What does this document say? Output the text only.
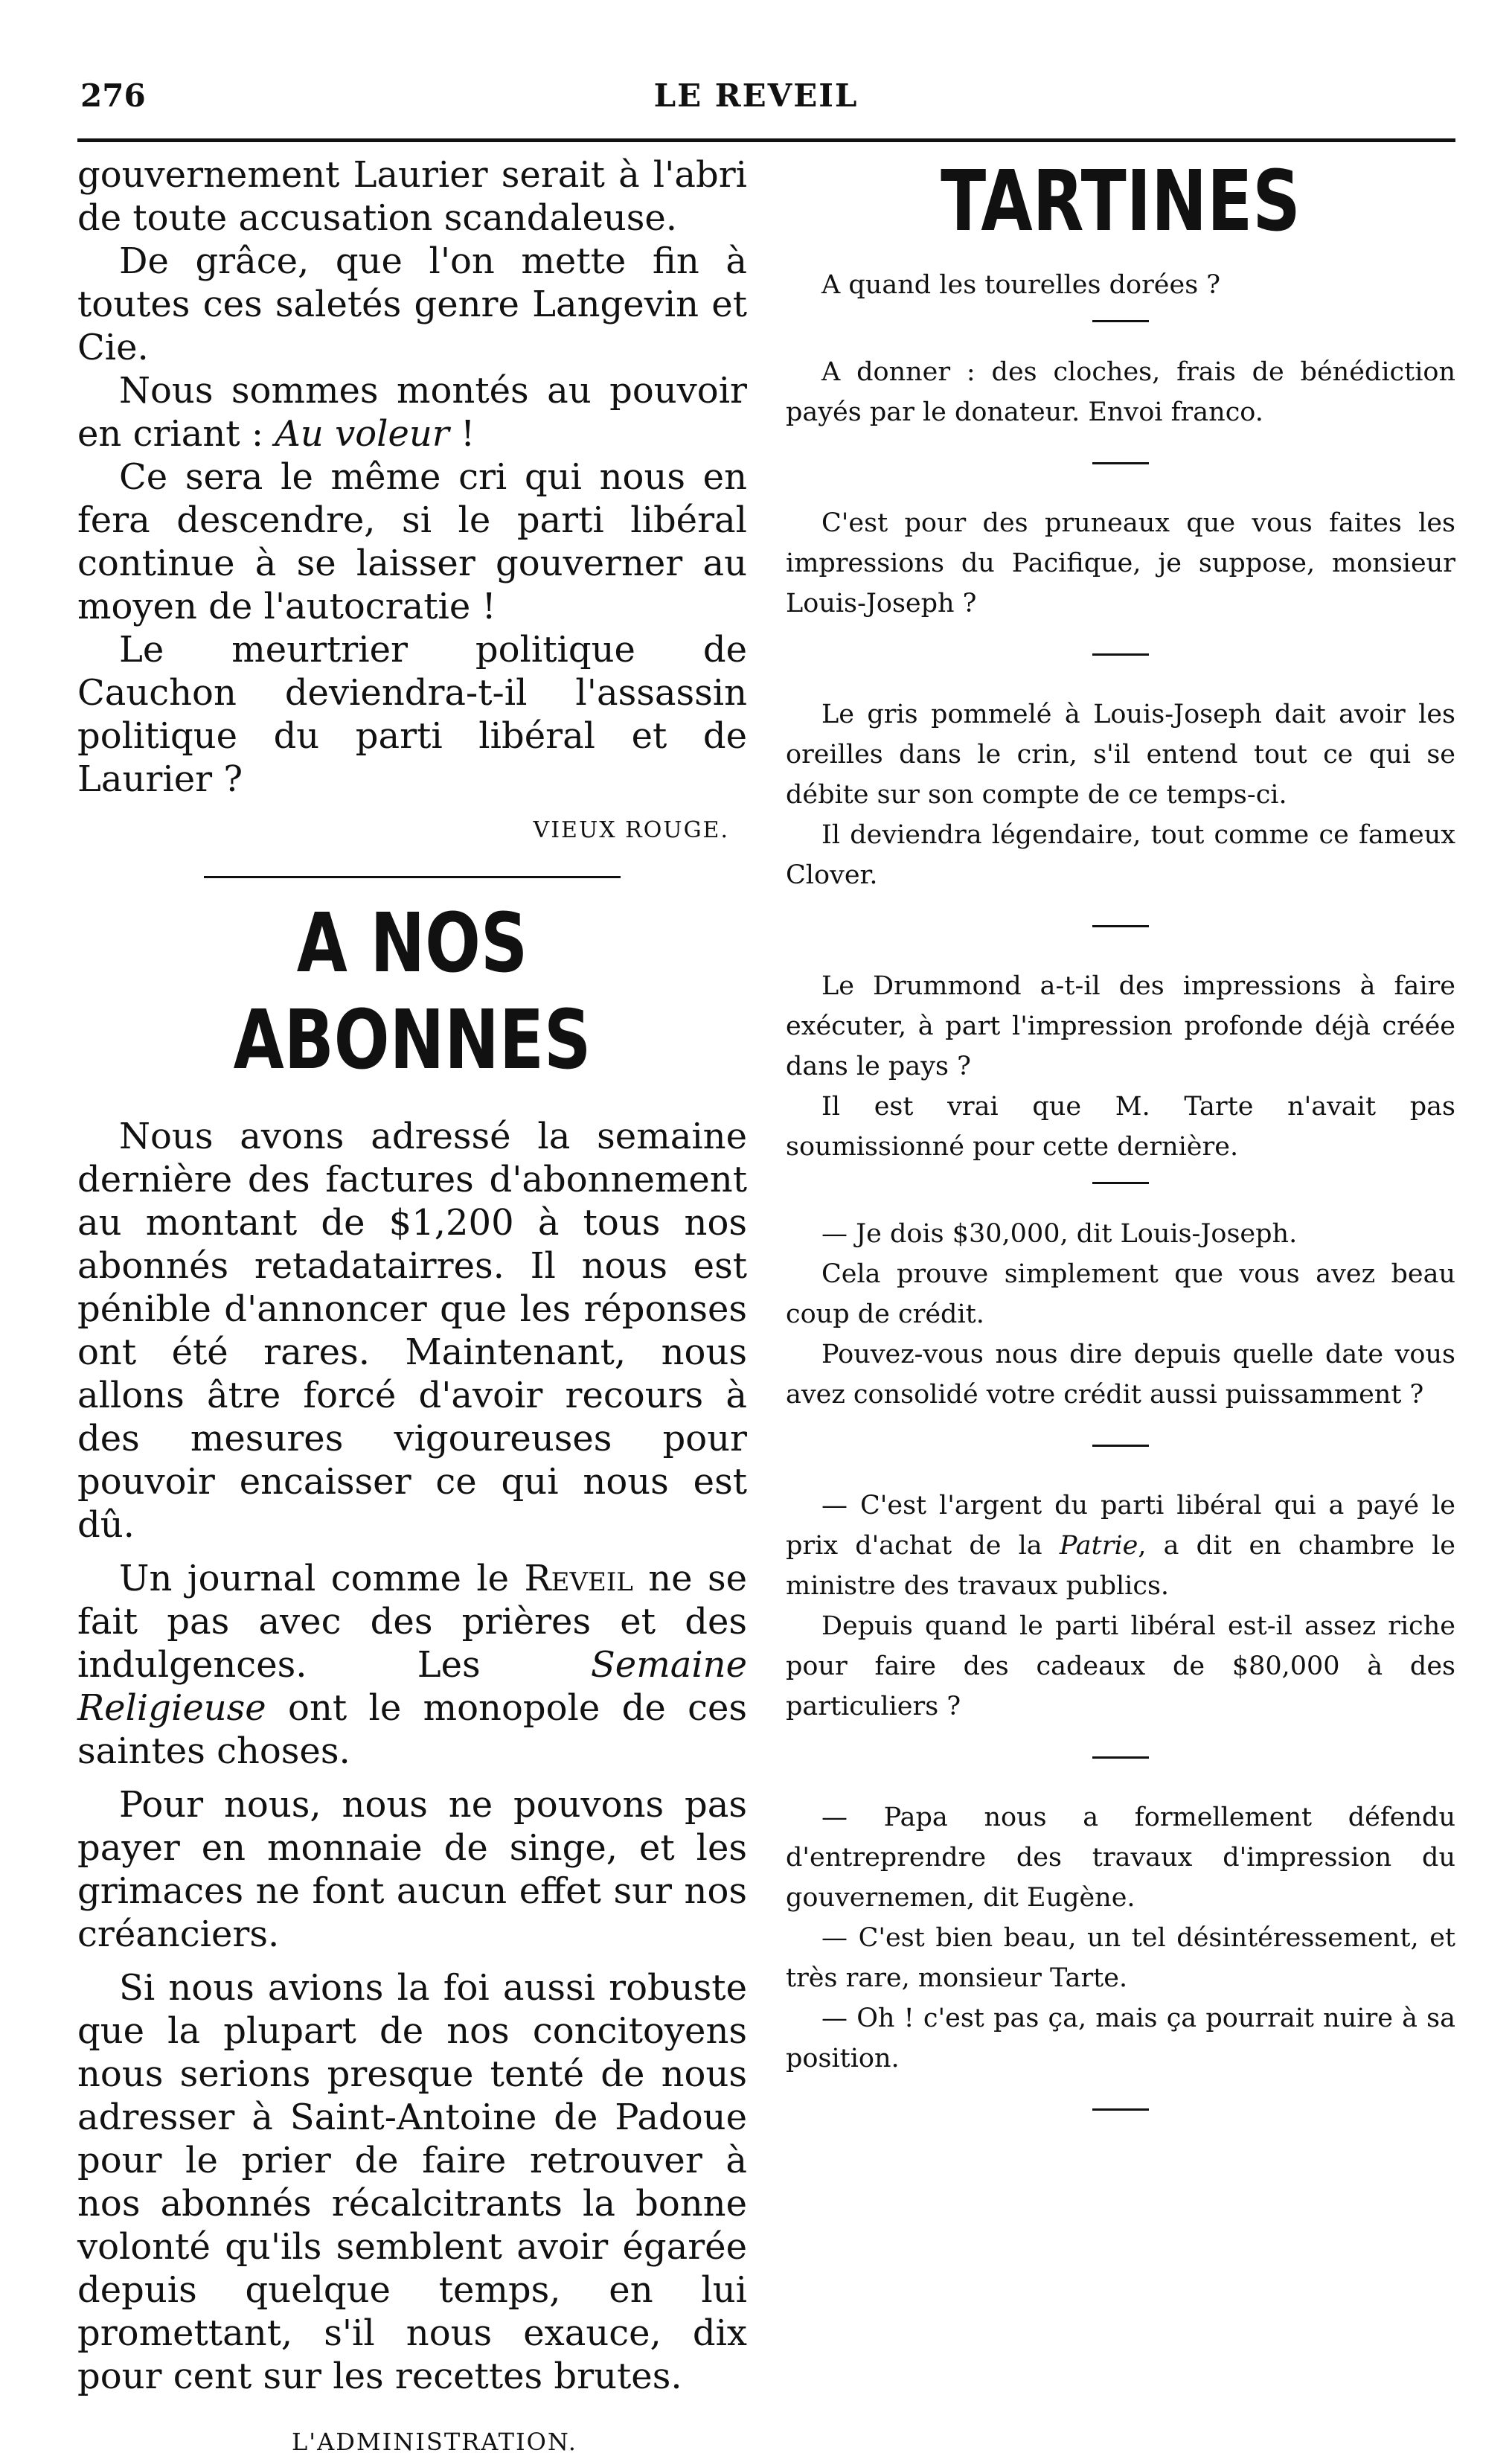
276	LE REVEIL

gouvernement Laurier serait à l'abri de toute accusation scandaleuse.

De grâce, que l'on mette fin à toutes ces saletés genre Langevin et Cie.

Nous sommes montés au pouvoir en criant : Au voleur !

Ce sera le même cri qui nous en fera descendre, si le parti libéral continue à se laisser gouverner au moyen de l'autocratie !

Le meurtrier politique de Cauchon deviendra-t-il l'assassin politique du parti libéral et de Laurier ?

VIEUX ROUGE.
A NOS ABONNES

Nous avons adressé la semaine dernière des factures d'abonnement au montant de $1,200 à tous nos abonnés retadatairres. Il nous est pénible d'annoncer que les réponses ont été rares. Maintenant, nous allons âtre forcé d'avoir recours à des mesures vigoureuses pour pouvoir encaisser ce qui nous est dû.

Un journal comme le Reveil ne se fait pas avec des prières et des indulgences. Les Semaine Religieuse ont le monopole de ces saintes choses.

Pour nous, nous ne pouvons pas payer en monnaie de singe, et les grimaces ne font aucun effet sur nos créanciers.

Si nous avions la foi aussi robuste que la plupart de nos concitoyens nous serions presque tenté de nous adresser à Saint-Antoine de Padoue pour le prier de faire retrouver à nos abonnés récalcitrants la bonne volonté qu'ils semblent avoir égarée depuis quelque temps, en lui promettant, s'il nous exauce, dix pour cent sur les recettes brutes.

L'ADMINISTRATION.
TARTINES

A quand les tourelles dorées ?

A donner : des cloches, frais de bénédiction payés par le donateur. Envoi franco.

C'est pour des pruneaux que vous faites les impressions du Pacifique, je suppose, monsieur Louis-Joseph ?

Le gris pommelé à Louis-Joseph dait avoir les oreilles dans le crin, s'il entend tout ce qui se débite sur son compte de ce temps-ci.

Il deviendra légendaire, tout comme ce fameux Clover.

Le Drummond a-t-il des impressions à faire exécuter, à part l'impression profonde déjà créée dans le pays ?

Il est vrai que M. Tarte n'avait pas soumissionné pour cette dernière.

— Je dois $30,000, dit Louis-Joseph.

Cela prouve simplement que vous avez beau coup de crédit.

Pouvez-vous nous dire depuis quelle date vous avez consolidé votre crédit aussi puissamment ?

— C'est l'argent du parti libéral qui a payé le prix d'achat de la Patrie, a dit en chambre le ministre des travaux publics.

Depuis quand le parti libéral est-il assez riche pour faire des cadeaux de $80,000 à des particuliers ?

— Papa nous a formellement défendu d'entreprendre des travaux d'impression du gouvernemen, dit Eugène.

— C'est bien beau, un tel désintéressement, et très rare, monsieur Tarte.

— Oh ! c'est pas ça, mais ça pourrait nuire à sa position.
